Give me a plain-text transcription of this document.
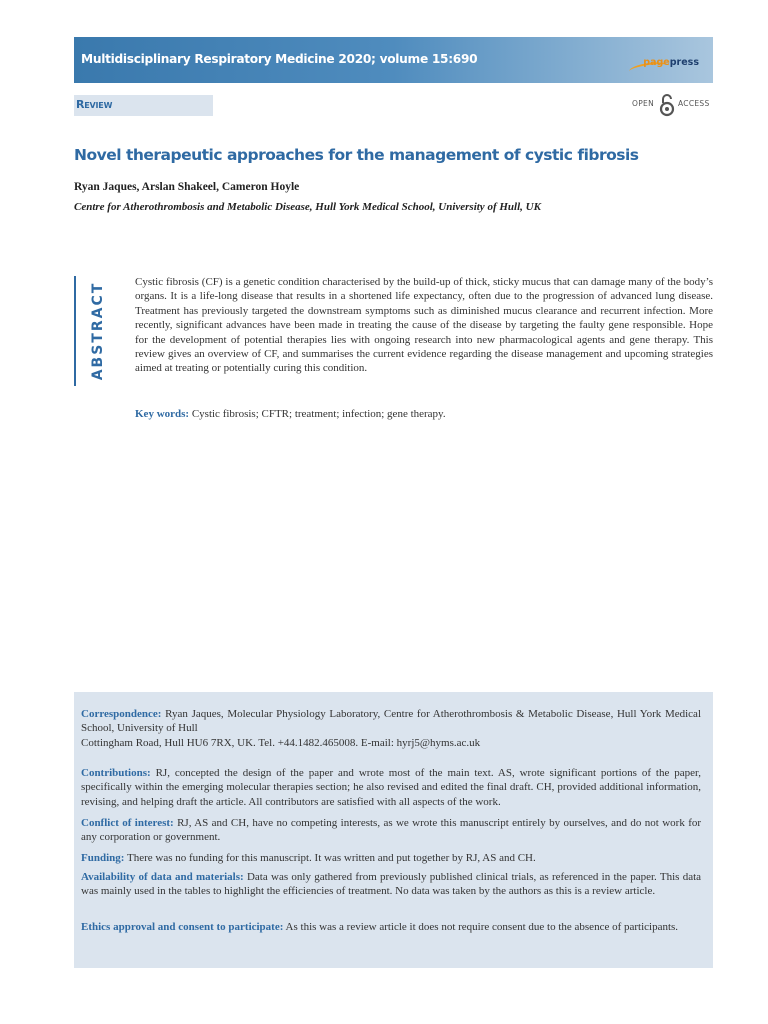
Multidisciplinary Respiratory Medicine 2020; volume 15:690	pagepress
Review	OPEN	ACCESS
Novel therapeutic approaches for the management of cystic fibrosis
Ryan Jaques, Arslan Shakeel, Cameron Hoyle
Centre for Atherothrombosis and Metabolic Disease, Hull York Medical School, University of Hull, UK
ABSTRACT	Cystic fibrosis (CF) is a genetic condition characterised by the build-up of thick, sticky mucus that can damage many of the body’s organs. It is a life-long disease that results in a shortened life expectancy, often due to the progression of advanced lung disease. Treatment has previously targeted the downstream symptoms such as diminished mucus clearance and recurrent infection. More recently, significant advances have been made in treating the cause of the disease by targeting the faulty gene responsible. Hope for the development of potential therapies lies with ongoing research into new pharmacological agents and gene therapy. This review gives an overview of CF, and summarises the current evidence regarding the disease management and upcoming strategies aimed at treating or potentially curing this condition.
Key words: Cystic fibrosis; CFTR; treatment; infection; gene therapy.
Correspondence: Ryan Jaques, Molecular Physiology Laboratory, Centre for Atherothrombosis & Metabolic Disease, Hull York Medical School, University of Hull
Cottingham Road, Hull HU6 7RX, UK. Tel. +44.1482.465008. E-mail: hyrj5@hyms.ac.uk
Contributions: RJ, concepted the design of the paper and wrote most of the main text. AS, wrote significant portions of the paper, specifically within the emerging molecular therapies section; he also revised and edited the final draft. CH, provided additional information, revising, and helping draft the article. All contributors are satisfied with all aspects of the work.
Conflict of interest: RJ, AS and CH, have no competing interests, as we wrote this manuscript entirely by ourselves, and do not work for any corporation or government.
Funding: There was no funding for this manuscript. It was written and put together by RJ, AS and CH.
Availability of data and materials: Data was only gathered from previously published clinical trials, as referenced in the paper. This data was mainly used in the tables to highlight the efficiencies of treatment. No data was taken by the authors as this is a review article.
Ethics approval and consent to participate: As this was a review article it does not require consent due to the absence of participants.
